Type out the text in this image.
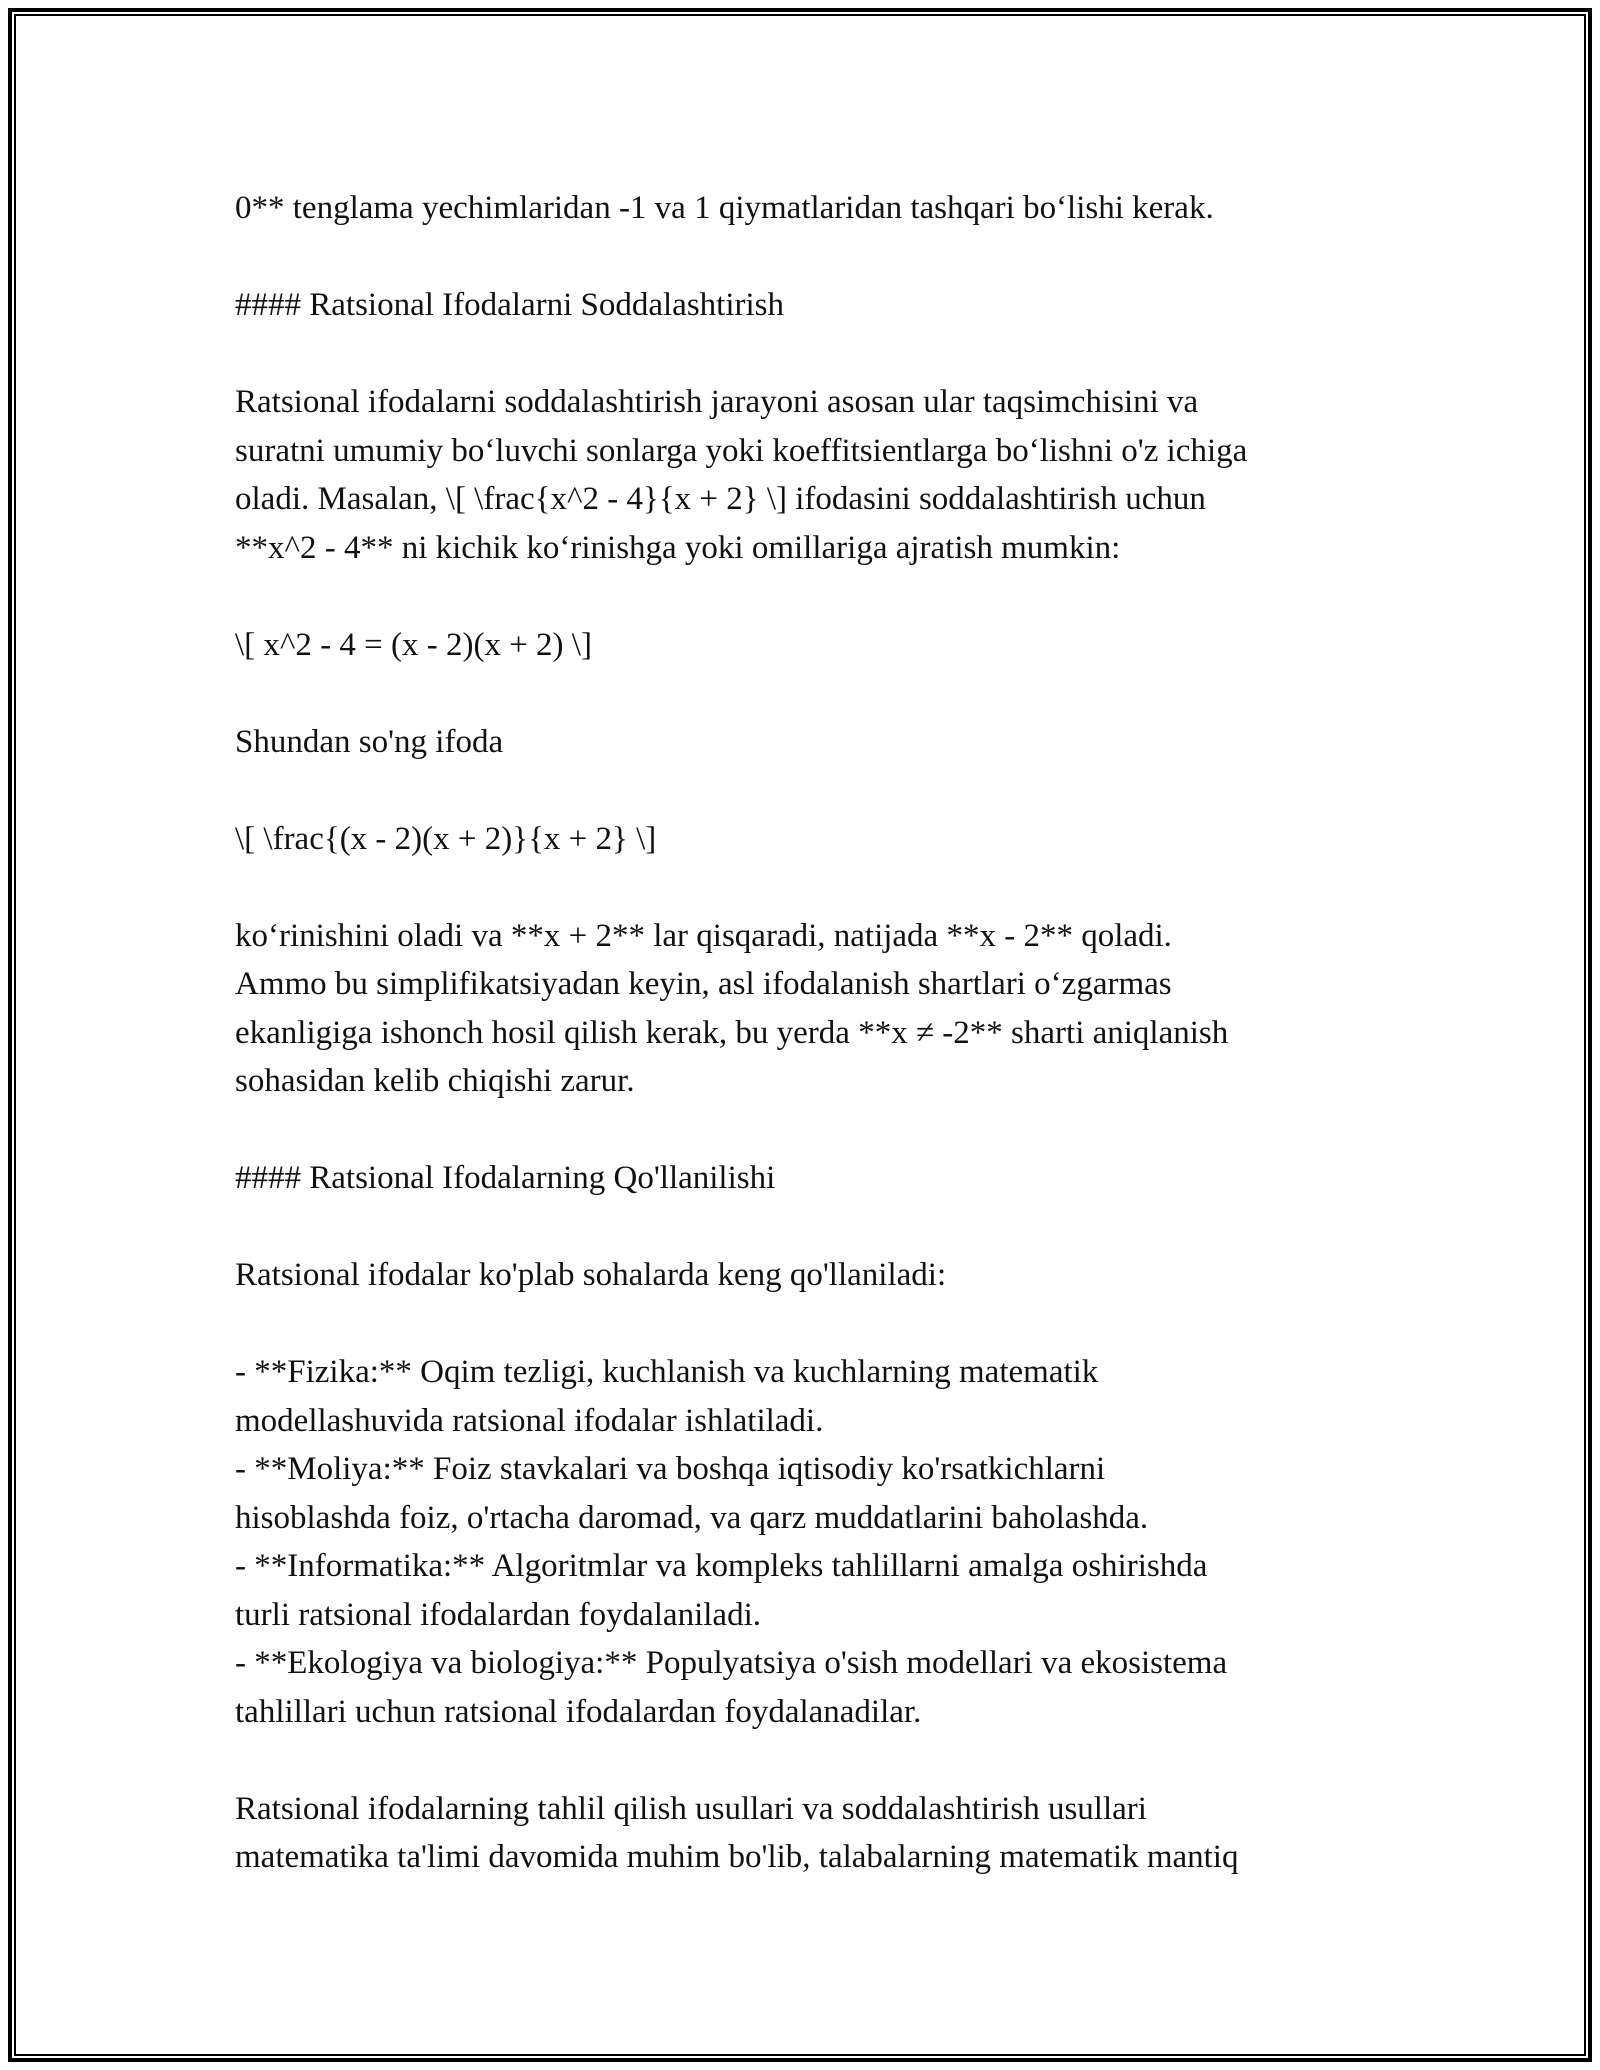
0** tenglama yechimlaridan -1 va 1 qiymatlaridan tashqari bo‘lishi kerak.

#### Ratsional Ifodalarni Soddalashtirish

Ratsional ifodalarni soddalashtirish jarayoni asosan ular taqsimchisini va
suratni umumiy bo‘luvchi sonlarga yoki koeffitsientlarga bo‘lishni o'z ichiga
oladi. Masalan, \[ \frac{x^2 - 4}{x + 2} \] ifodasini soddalashtirish uchun
**x^2 - 4** ni kichik ko‘rinishga yoki omillariga ajratish mumkin:

\[ x^2 - 4 = (x - 2)(x + 2) \]

Shundan so'ng ifoda

\[ \frac{(x - 2)(x + 2)}{x + 2} \]

ko‘rinishini oladi va **x + 2** lar qisqaradi, natijada **x - 2** qoladi.
Ammo bu simplifikatsiyadan keyin, asl ifodalanish shartlari o‘zgarmas
ekanligiga ishonch hosil qilish kerak, bu yerda **x ≠ -2** sharti aniqlanish
sohasidan kelib chiqishi zarur.

#### Ratsional Ifodalarning Qo'llanilishi

Ratsional ifodalar ko'plab sohalarda keng qo'llaniladi:

- **Fizika:** Oqim tezligi, kuchlanish va kuchlarning matematik
modellashuvida ratsional ifodalar ishlatiladi.
- **Moliya:** Foiz stavkalari va boshqa iqtisodiy ko'rsatkichlarni
hisoblashda foiz, o'rtacha daromad, va qarz muddatlarini baholashda.
- **Informatika:** Algoritmlar va kompleks tahlillarni amalga oshirishda
turli ratsional ifodalardan foydalaniladi.
- **Ekologiya va biologiya:** Populyatsiya o'sish modellari va ekosistema
tahlillari uchun ratsional ifodalardan foydalanadilar.

Ratsional ifodalarning tahlil qilish usullari va soddalashtirish usullari
matematika ta'limi davomida muhim bo'lib, talabalarning matematik mantiq
